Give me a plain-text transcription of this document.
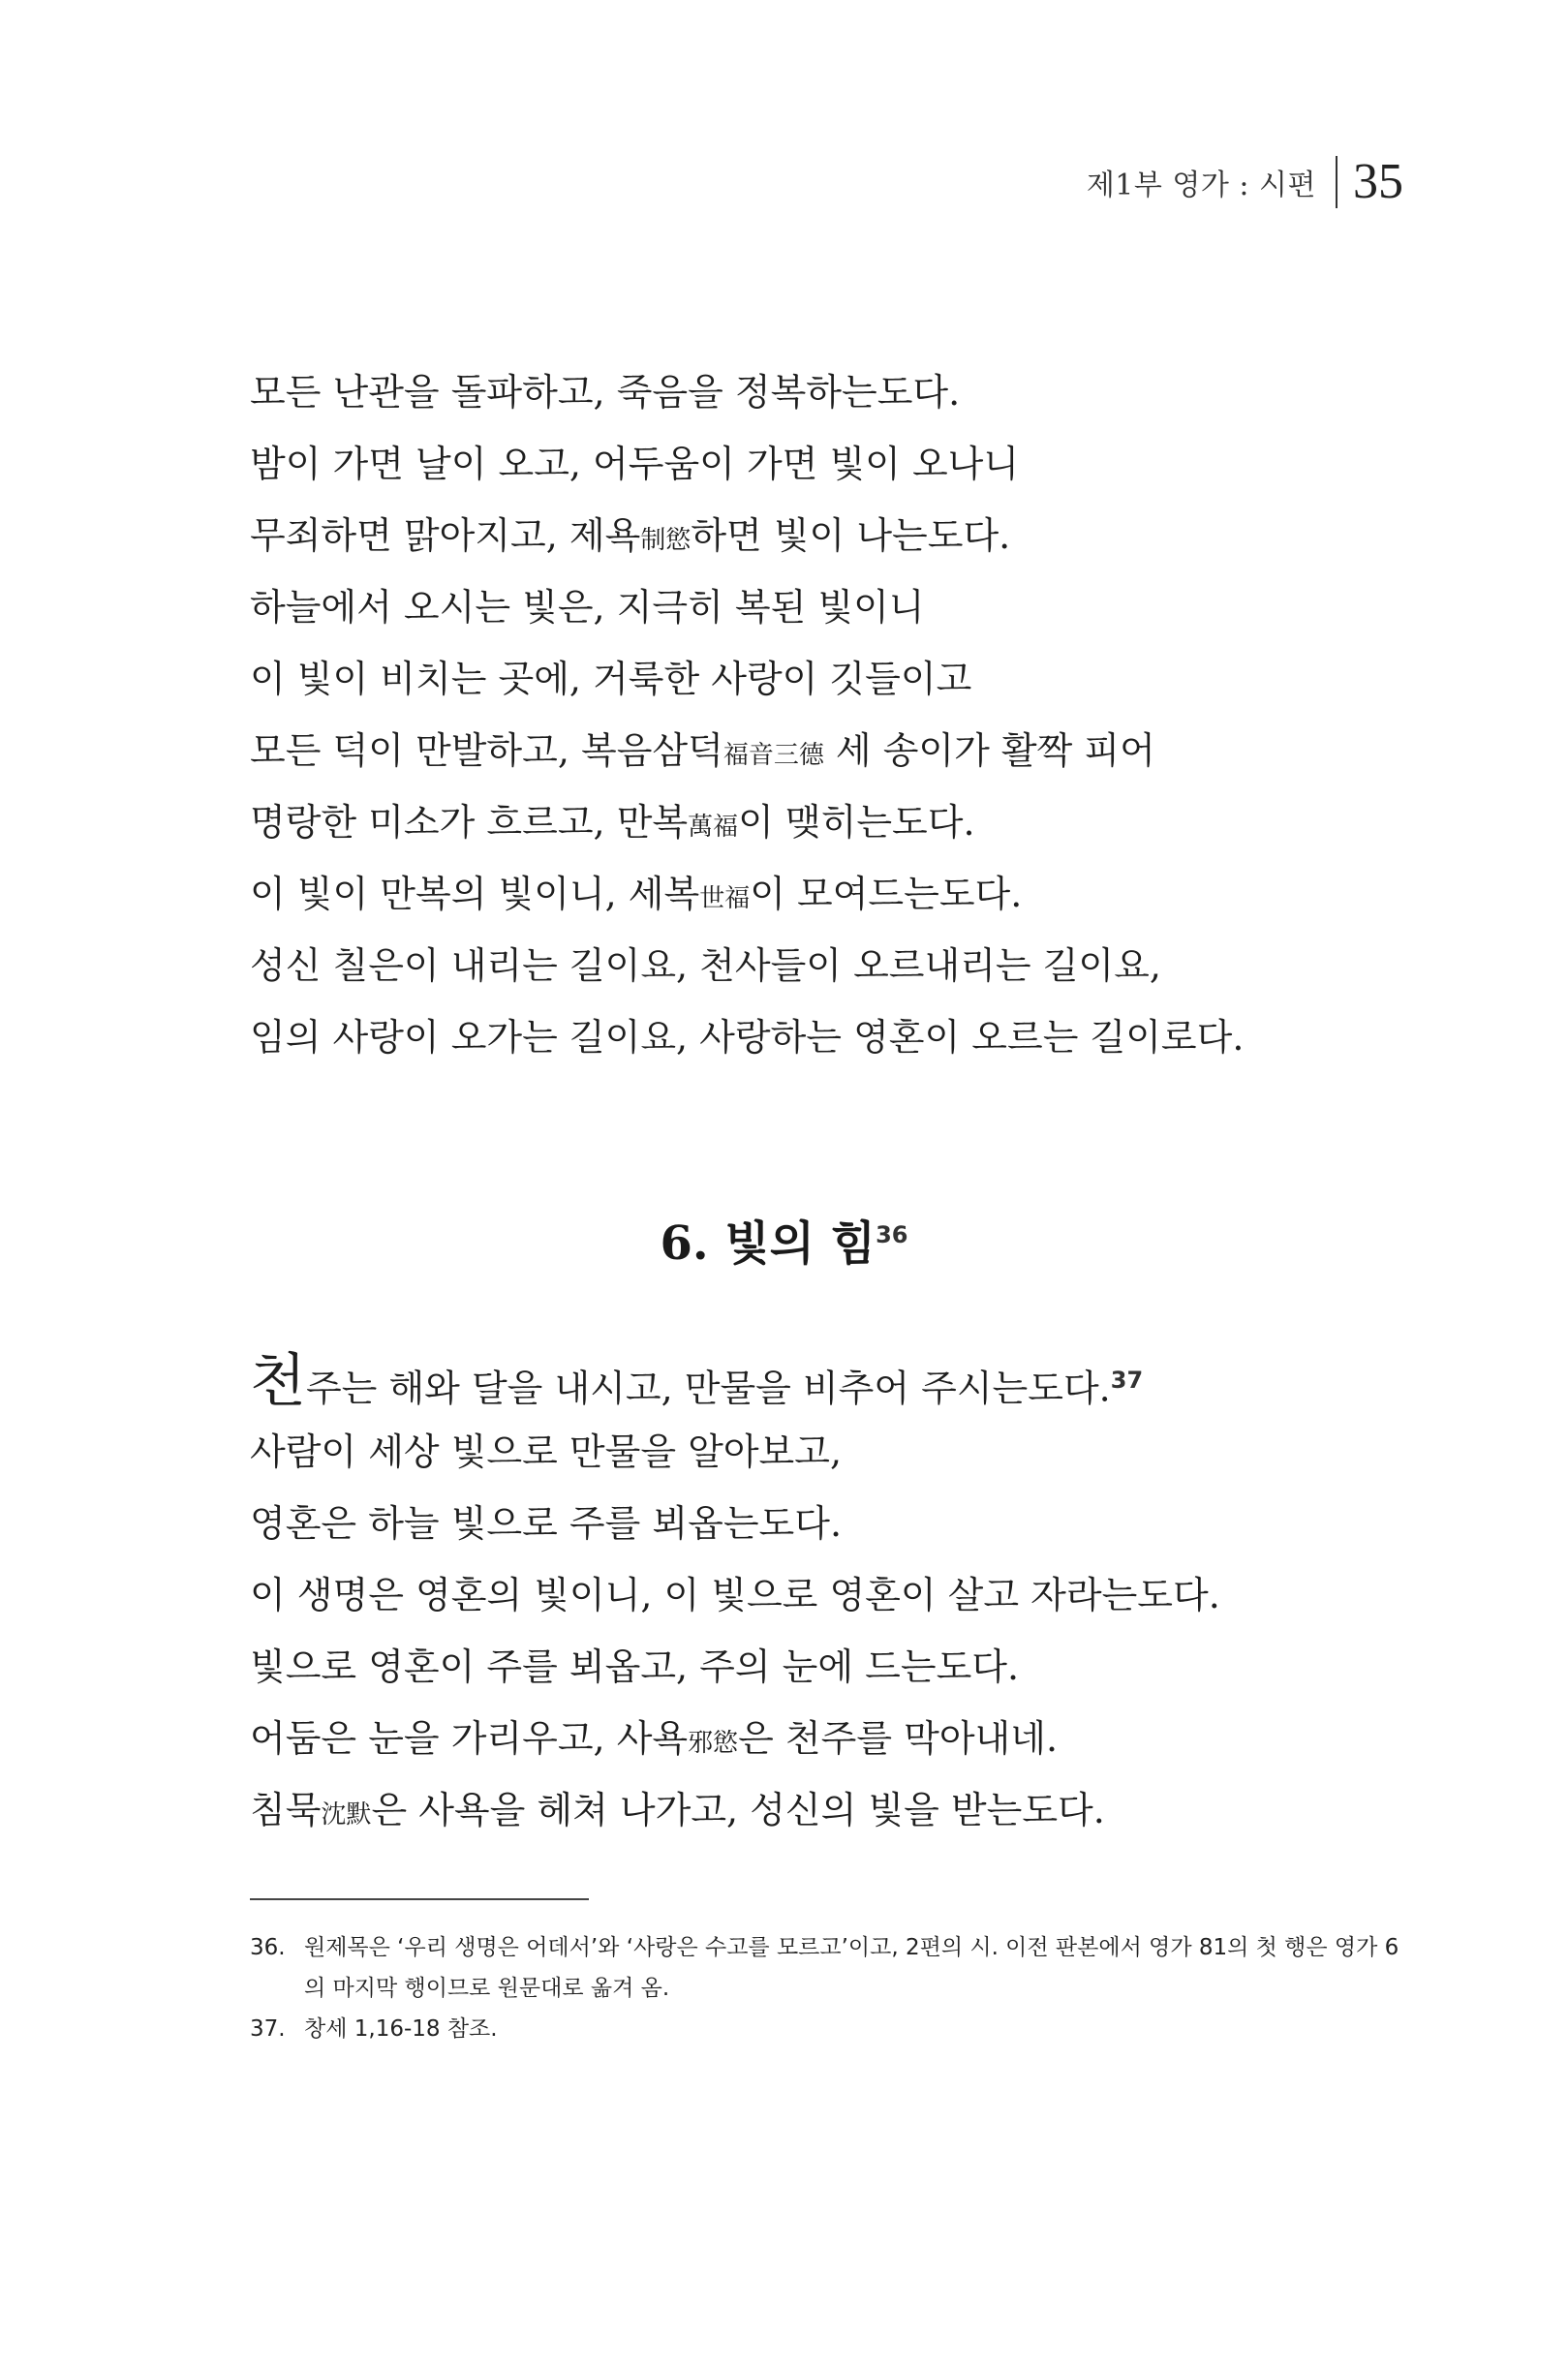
제1부 영가 : 시편 35
모든 난관을 돌파하고, 죽음을 정복하는도다.
밤이 가면 날이 오고, 어두움이 가면 빛이 오나니
무죄하면 맑아지고, 제욕制慾하면 빛이 나는도다.
하늘에서 오시는 빛은, 지극히 복된 빛이니
이 빛이 비치는 곳에, 거룩한 사랑이 깃들이고
모든 덕이 만발하고, 복음삼덕福音三德 세 송이가 활짝 피어
명랑한 미소가 흐르고, 만복萬福이 맺히는도다.
이 빛이 만복의 빛이니, 세복世福이 모여드는도다.
성신 칠은이 내리는 길이요, 천사들이 오르내리는 길이요,
임의 사랑이 오가는 길이요, 사랑하는 영혼이 오르는 길이로다.
6. 빛의 힘$^{36}$
천주는 해와 달을 내시고, 만물을 비추어 주시는도다.$^{37}$
사람이 세상 빛으로 만물을 알아보고,
영혼은 하늘 빛으로 주를 뵈옵는도다.
이 생명은 영혼의 빛이니, 이 빛으로 영혼이 살고 자라는도다.
빛으로 영혼이 주를 뵈옵고, 주의 눈에 드는도다.
어둠은 눈을 가리우고, 사욕邪慾은 천주를 막아내네.
침묵沈默은 사욕을 헤쳐 나가고, 성신의 빛을 받는도다.
36. 원제목은 ‘우리 생명은 어데서’와 ‘사랑은 수고를 모르고’이고, 2편의 시. 이전 판본에서 영가 81의 첫 행은 영가 6의 마지막 행이므로 원문대로 옮겨 옴.
37. 창세 1,16-18 참조.
